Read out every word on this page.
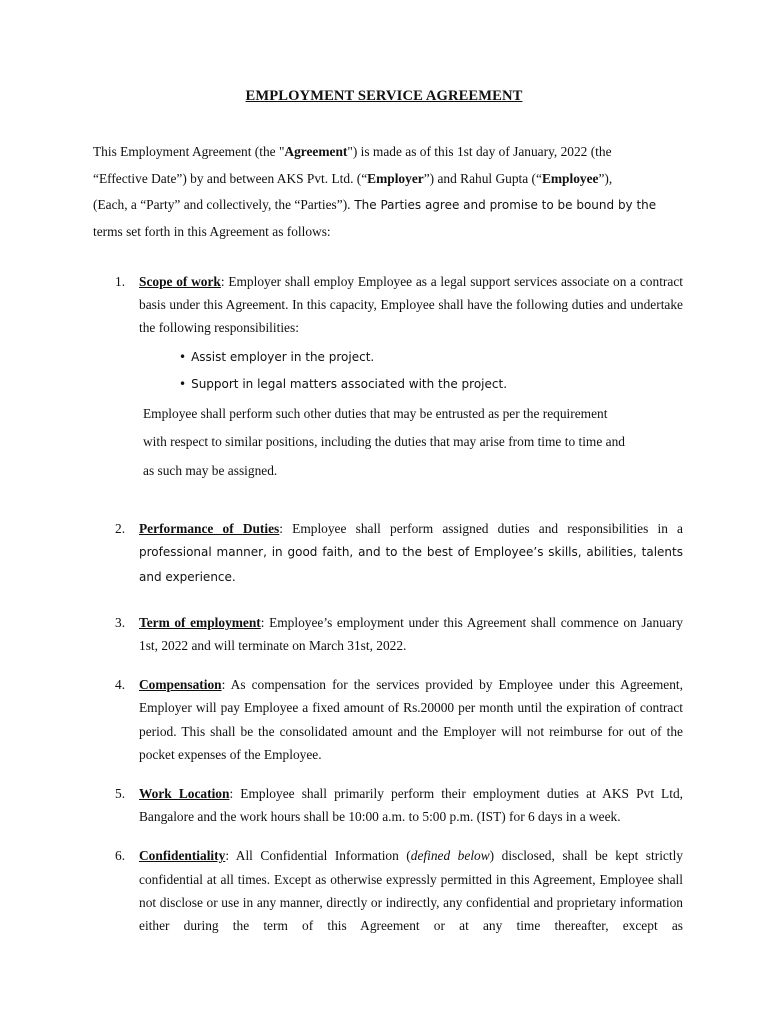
EMPLOYMENT SERVICE AGREEMENT
This Employment Agreement (the "Agreement") is made as of this 1st day of January, 2022 (the
“Effective Date”) by and between AKS Pvt. Ltd. (“Employer”) and Rahul Gupta (“Employee”),
(Each, a “Party” and collectively, the “Parties”). The Parties agree and promise to be bound by the
terms set forth in this Agreement as follows:
1. Scope of work: Employer shall employ Employee as a legal support services associate on a contract basis under this Agreement. In this capacity, Employee shall have the following duties and undertake the following responsibilities:
• Assist employer in the project.
• Support in legal matters associated with the project.
Employee shall perform such other duties that may be entrusted as per the requirement
with respect to similar positions, including the duties that may arise from time to time and
as such may be assigned.
2. Performance of Duties: Employee shall perform assigned duties and responsibilities in a professional manner, in good faith, and to the best of Employee’s skills, abilities, talents and experience.
3. Term of employment: Employee’s employment under this Agreement shall commence on January 1st, 2022 and will terminate on March 31st, 2022.
4. Compensation: As compensation for the services provided by Employee under this Agreement, Employer will pay Employee a fixed amount of Rs.20000 per month until the expiration of contract period. This shall be the consolidated amount and the Employer will not reimburse for out of the pocket expenses of the Employee.
5. Work Location: Employee shall primarily perform their employment duties at AKS Pvt Ltd, Bangalore and the work hours shall be 10:00 a.m. to 5:00 p.m. (IST) for 6 days in a week.
6. Confidentiality: All Confidential Information (defined below) disclosed, shall be kept strictly confidential at all times. Except as otherwise expressly permitted in this Agreement, Employee shall not disclose or use in any manner, directly or indirectly, any confidential and proprietary information either during the term of this Agreement or at any time thereafter, except as
